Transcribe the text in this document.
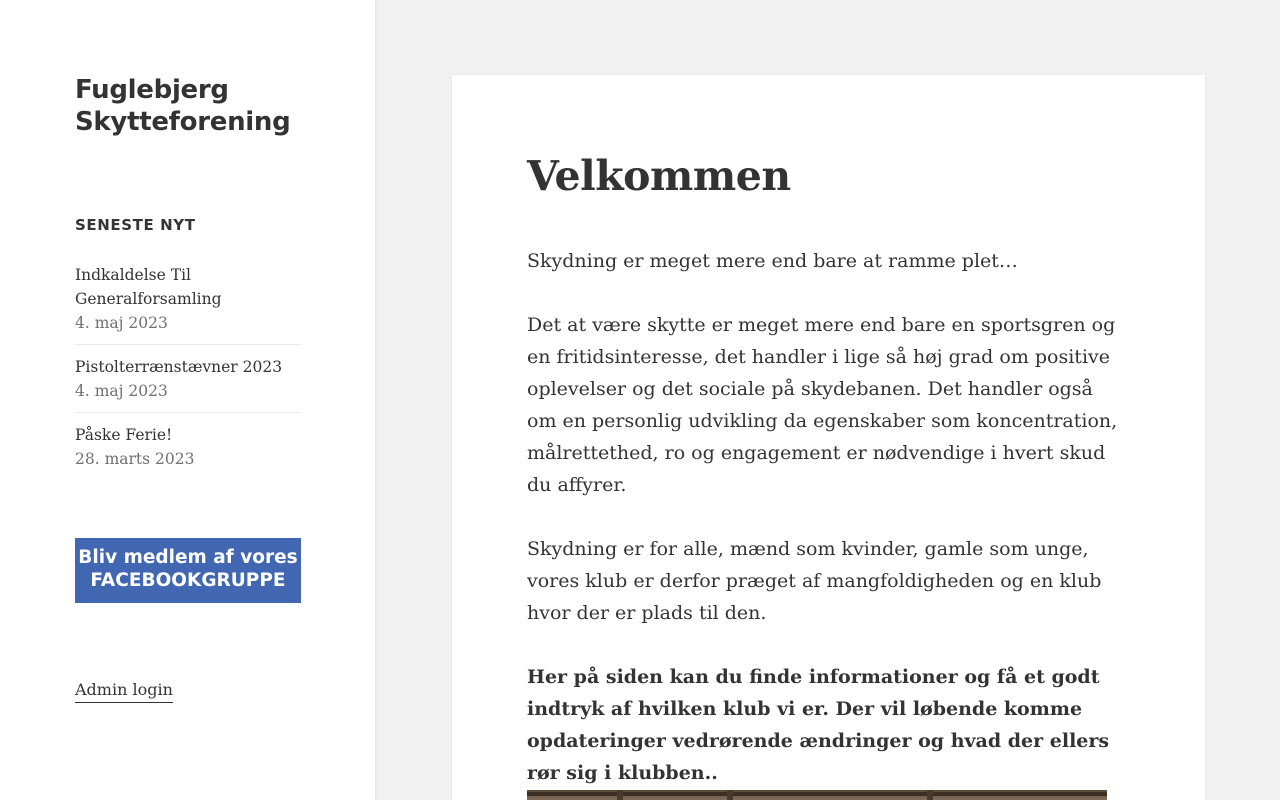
Fuglebjerg Skytteforening
SENESTE NYT
Indkaldelse Til Generalforsamling
4. maj 2023
Pistolterrænstævner 2023
4. maj 2023
Påske Ferie!
28. marts 2023
Bliv medlem af vores
FACEBOOKGRUPPE
Admin login
Velkommen

Skydning er meget mere end bare at ramme plet…

Det at være skytte er meget mere end bare en sportsgren og en fritidsinteresse, det handler i lige så høj grad om positive oplevelser og det sociale på skydebanen. Det handler også om en personlig udvikling da egenskaber som koncentration, målrettethed, ro og engagement er nødvendige i hvert skud du affyrer.

Skydning er for alle, mænd som kvinder, gamle som unge, vores klub er derfor præget af mangfoldigheden og en klub hvor der er plads til den.

Her på siden kan du finde informationer og få et godt indtryk af hvilken klub vi er. Der vil løbende komme opdateringer vedrørende ændringer og hvad der ellers rør sig i klubben..
